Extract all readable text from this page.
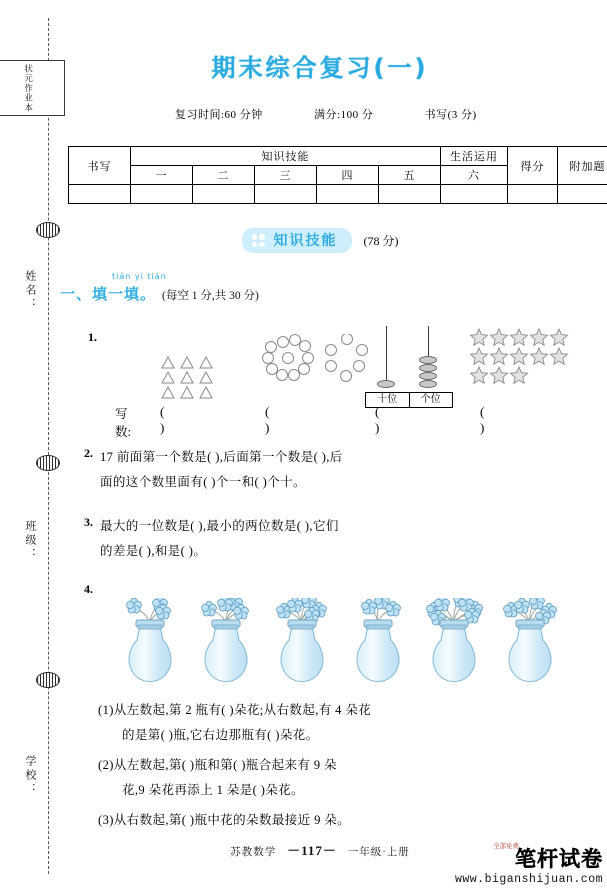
状元作业本
姓名：
班级：
学校：
期末综合复习(一)
复习时间:60 分钟	满分:100 分	书写(3 分)
书写	知识技能					生活运用	得分	附加题
	一	二	三	四	五	六		

知识技能 (78 分)
tián yi tián
一、填一填。 (每空 1 分,共 30 分)
1.
十位	个位
写数:
( )
( )
( )
( )
2. 17 前面第一个数是( ),后面第一个数是( ),后
面的这个数里面有( )个一和( )个十。
3. 最大的一位数是( ),最小的两位数是( ),它们
的差是( ),和是( )。
4.
(1)从左数起,第 2 瓶有( )朵花;从右数起,有 4 朵花
的是第( )瓶,它右边那瓶有( )朵花。
(2)从左数起,第( )瓶和第( )瓶合起来有 9 朵
花,9 朵花再添上 1 朵是( )朵花。
(3)从右数起,第( )瓶中花的朵数最接近 9 朵。
苏教数学 －117－ 一年级·上册
全部免费
笔杆试卷
www.biganshijuan.com
